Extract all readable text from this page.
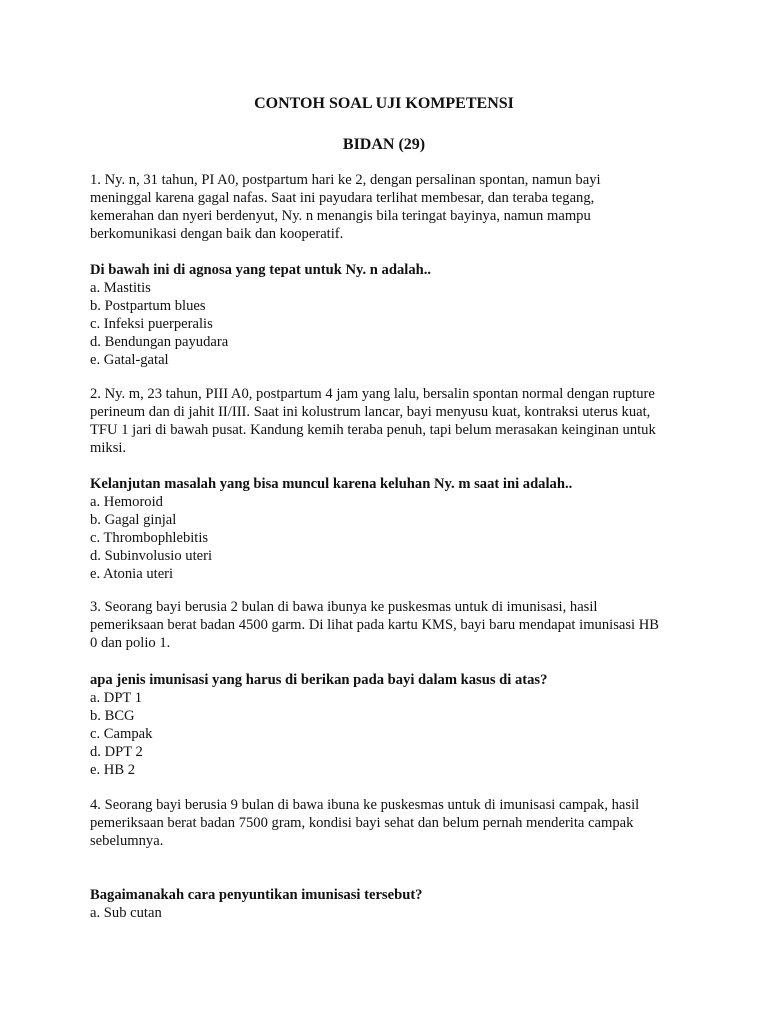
CONTOH SOAL UJI KOMPETENSI
BIDAN (29)
1. Ny. n, 31 tahun, PI A0, postpartum hari ke 2, dengan persalinan spontan, namun bayi
meninggal karena gagal nafas. Saat ini payudara terlihat membesar, dan teraba tegang,
kemerahan dan nyeri berdenyut, Ny. n menangis bila teringat bayinya, namun mampu
berkomunikasi dengan baik dan kooperatif.
Di bawah ini di agnosa yang tepat untuk Ny. n adalah..
a. Mastitis
b. Postpartum blues
c. Infeksi puerperalis
d. Bendungan payudara
e. Gatal-gatal
2. Ny. m, 23 tahun, PIII A0, postpartum 4 jam yang lalu, bersalin spontan normal dengan rupture
perineum dan di jahit II/III. Saat ini kolustrum lancar, bayi menyusu kuat, kontraksi uterus kuat,
TFU 1 jari di bawah pusat. Kandung kemih teraba penuh, tapi belum merasakan keinginan untuk
miksi.
Kelanjutan masalah yang bisa muncul karena keluhan Ny. m saat ini adalah..
a. Hemoroid
b. Gagal ginjal
c. Thrombophlebitis
d. Subinvolusio uteri
e. Atonia uteri
3. Seorang bayi berusia 2 bulan di bawa ibunya ke puskesmas untuk di imunisasi, hasil
pemeriksaan berat badan 4500 garm. Di lihat pada kartu KMS, bayi baru mendapat imunisasi HB
0 dan polio 1.
apa jenis imunisasi yang harus di berikan pada bayi dalam kasus di atas?
a. DPT 1
b. BCG
c. Campak
d. DPT 2
e. HB 2
4. Seorang bayi berusia 9 bulan di bawa ibuna ke puskesmas untuk di imunisasi campak, hasil
pemeriksaan berat badan 7500 gram, kondisi bayi sehat dan belum pernah menderita campak
sebelumnya.
Bagaimanakah cara penyuntikan imunisasi tersebut?
a. Sub cutan
